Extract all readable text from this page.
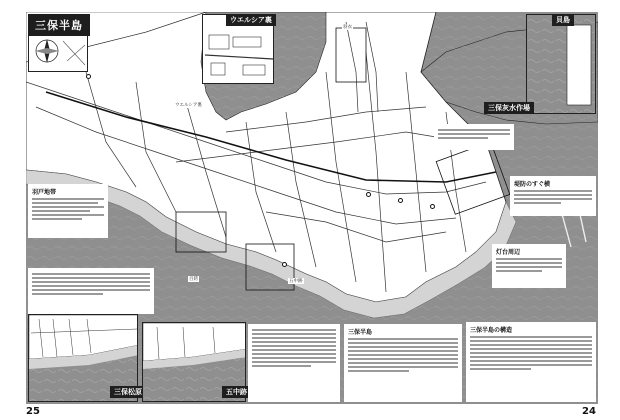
ウエルシア裏	貝島
三保灰水作場
羽衣
ウエルシア裏
五中跡
百錺
羽戸地帯
三保松原	五中跡
三保半島
堤防のすぐ横
灯台周辺
三保半島の構造
三保半島
25	24
